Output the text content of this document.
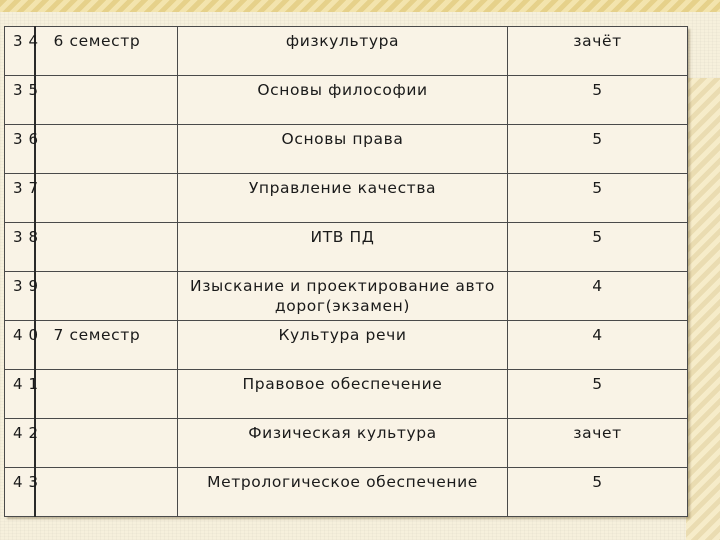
34	6 семестр	физкультура	зачёт

35		Основы философии	5

36		Основы права	5

37		Управление качества	5

38		ИТВ ПД	5

39		Изыскание и проектирование авто дорог(экзамен)	4

40	7 семестр	Культура речи	4

41		Правовое обеспечение	5

42		Физическая культура	зачет

43		Метрологическое обеспечение	5
